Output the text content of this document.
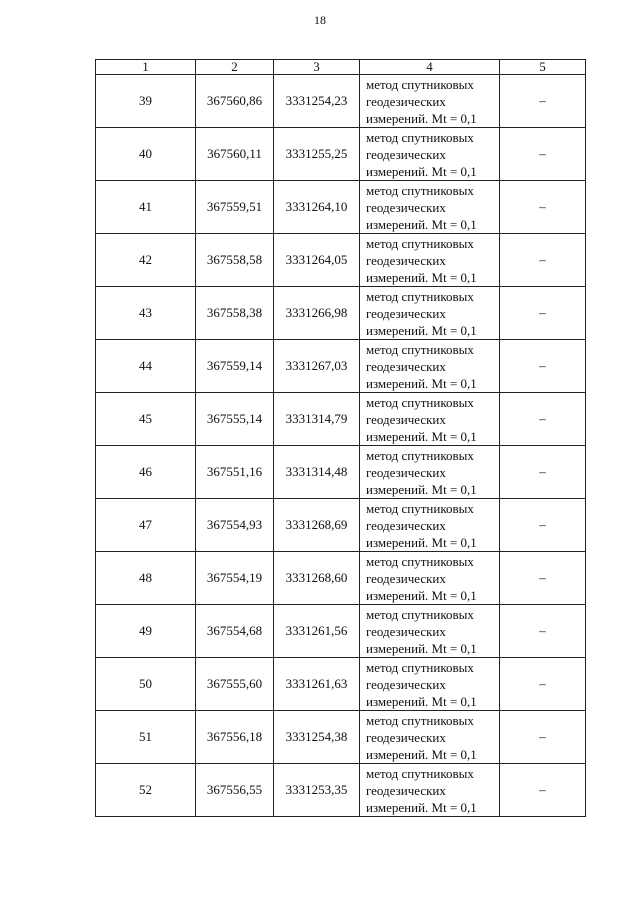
18
1	2	3	4	5
39	367560,86	3331254,23	метод спутниковых
геодезических
измерений. Mt = 0,1	–
40	367560,11	3331255,25	метод спутниковых
геодезических
измерений. Mt = 0,1	–
41	367559,51	3331264,10	метод спутниковых
геодезических
измерений. Mt = 0,1	–
42	367558,58	3331264,05	метод спутниковых
геодезических
измерений. Mt = 0,1	–
43	367558,38	3331266,98	метод спутниковых
геодезических
измерений. Mt = 0,1	–
44	367559,14	3331267,03	метод спутниковых
геодезических
измерений. Mt = 0,1	–
45	367555,14	3331314,79	метод спутниковых
геодезических
измерений. Mt = 0,1	–
46	367551,16	3331314,48	метод спутниковых
геодезических
измерений. Mt = 0,1	–
47	367554,93	3331268,69	метод спутниковых
геодезических
измерений. Mt = 0,1	–
48	367554,19	3331268,60	метод спутниковых
геодезических
измерений. Mt = 0,1	–
49	367554,68	3331261,56	метод спутниковых
геодезических
измерений. Mt = 0,1	–
50	367555,60	3331261,63	метод спутниковых
геодезических
измерений. Mt = 0,1	–
51	367556,18	3331254,38	метод спутниковых
геодезических
измерений. Mt = 0,1	–
52	367556,55	3331253,35	метод спутниковых
геодезических
измерений. Mt = 0,1	–
